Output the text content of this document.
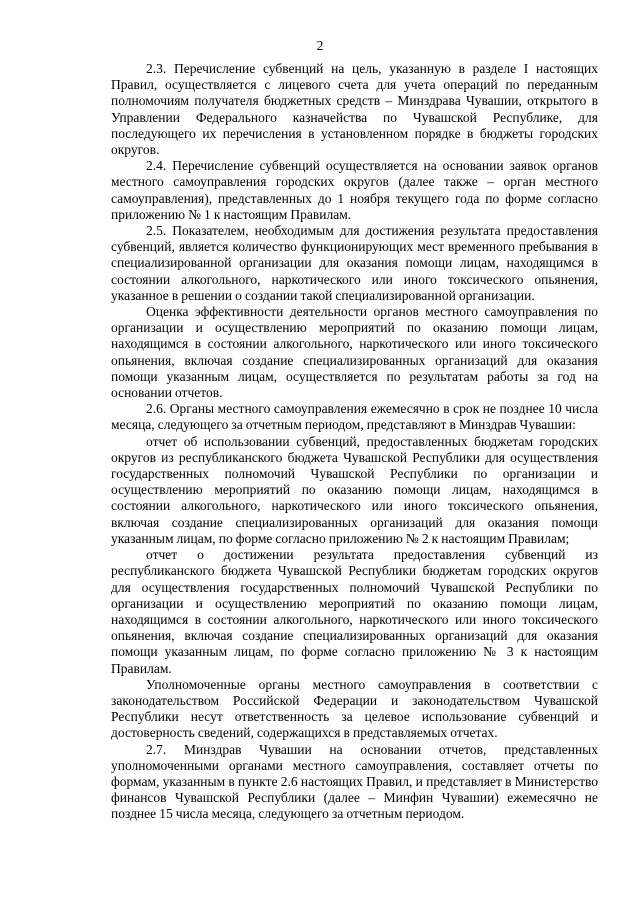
2

2.3. Перечисление субвенций на цель, указанную в разделе I настоящих Правил, осуществляется с лицевого счета для учета операций по переданным полномочиям получателя бюджетных средств – Минздрава Чувашии, открытого в Управлении Федерального казначейства по Чувашской Республике, для последующего их перечисления в установленном порядке в бюджеты городских округов.

2.4. Перечисление субвенций осуществляется на основании заявок органов местного самоуправления городских округов (далее также – орган местного самоуправления), представленных до 1 ноября текущего года по форме согласно приложению № 1 к настоящим Правилам.

2.5. Показателем, необходимым для достижения результата предоставления субвенций, является количество функционирующих мест временного пребывания в специализированной организации для оказания помощи лицам, находящимся в состоянии алкогольного, наркотического или иного токсического опьянения, указанное в решении о создании такой специализированной организации.

Оценка эффективности деятельности органов местного самоуправления по организации и осуществлению мероприятий по оказанию помощи лицам, находящимся в состоянии алкогольного, наркотического или иного токсического опьянения, включая создание специализированных организаций для оказания помощи указанным лицам, осуществляется по результатам работы за год на основании отчетов.

2.6. Органы местного самоуправления ежемесячно в срок не позднее 10 числа месяца, следующего за отчетным периодом, представляют в Минздрав Чувашии:

отчет об использовании субвенций, предоставленных бюджетам городских округов из республиканского бюджета Чувашской Республики для осуществления государственных полномочий Чувашской Республики по организации и осуществлению мероприятий по оказанию помощи лицам, находящимся в состоянии алкогольного, наркотического или иного токсического опьянения, включая создание специализированных организаций для оказания помощи указанным лицам, по форме согласно приложению № 2 к настоящим Правилам;

отчет о достижении результата предоставления субвенций из республиканского бюджета Чувашской Республики бюджетам городских округов для осуществления государственных полномочий Чувашской Республики по организации и осуществлению мероприятий по оказанию помощи лицам, находящимся в состоянии алкогольного, наркотического или иного токсического опьянения, включая создание специализированных организаций для оказания помощи указанным лицам, по форме согласно приложению № 3 к настоящим Правилам.

Уполномоченные органы местного самоуправления в соответствии с законодательством Российской Федерации и законодательством Чувашской Республики несут ответственность за целевое использование субвенций и достоверность сведений, содержащихся в представляемых отчетах.

2.7. Минздрав Чувашии на основании отчетов, представленных уполномоченными органами местного самоуправления, составляет отчеты по формам, указанным в пункте 2.6 настоящих Правил, и представляет в Министерство финансов Чувашской Республики (далее – Минфин Чувашии) ежемесячно не позднее 15 числа месяца, следующего за отчетным периодом.
